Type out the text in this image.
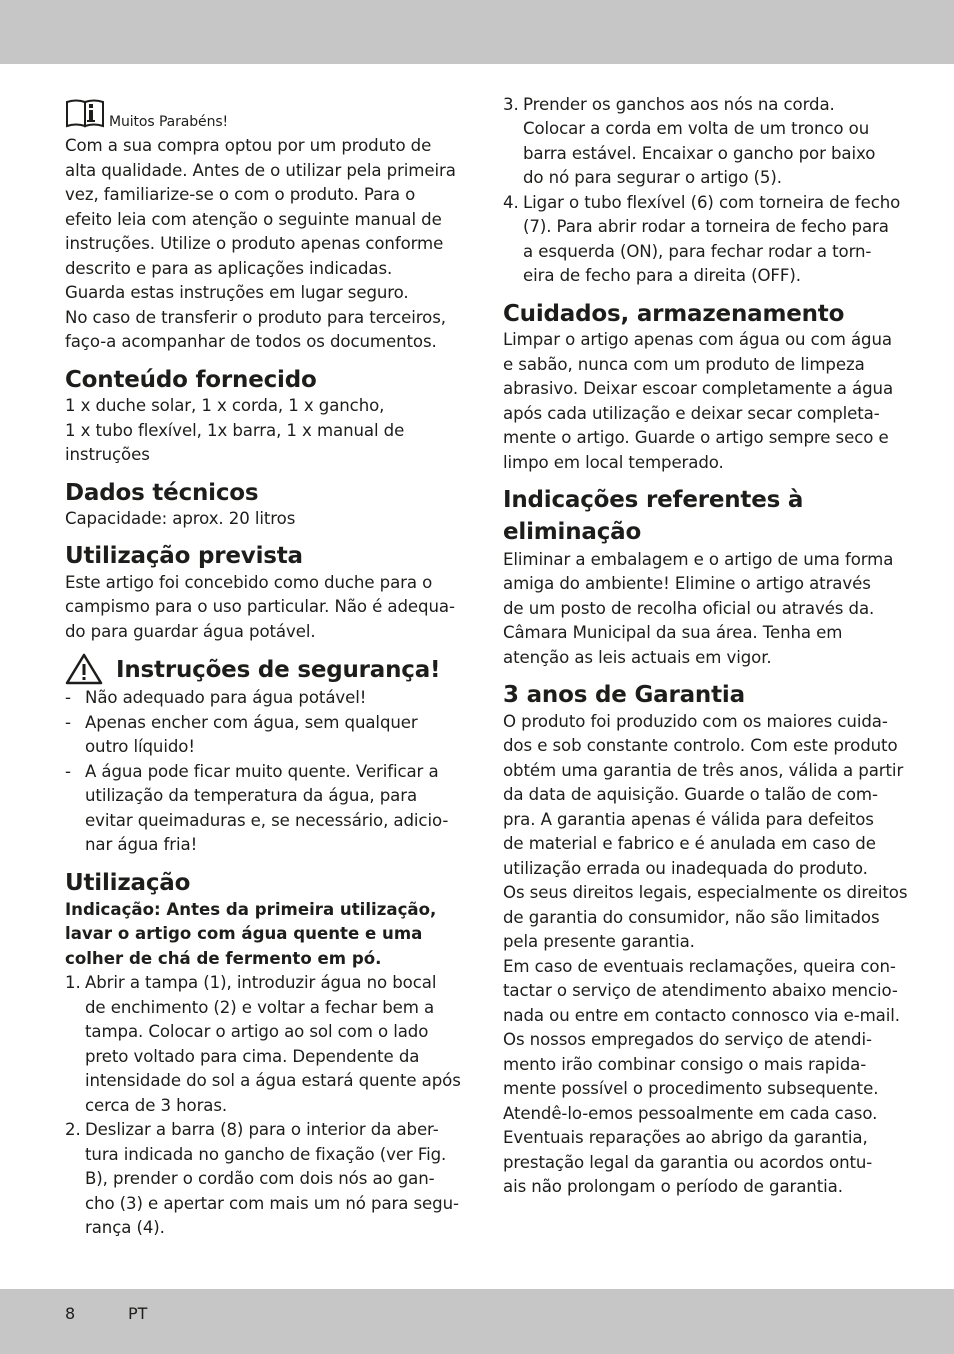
Muitos Parabéns!
Com a sua compra optou por um produto de
alta qualidade. Antes de o utilizar pela primeira
vez, familiarize-se o com o produto. Para o
efeito leia com atenção o seguinte manual de
instruções. Utilize o produto apenas conforme
descrito e para as aplicações indicadas.
Guarda estas instruções em lugar seguro.
No caso de transferir o produto para terceiros,
faço-a acompanhar de todos os documentos.
Conteúdo fornecido
1 x duche solar, 1 x corda, 1 x gancho,
1 x tubo flexível, 1x barra, 1 x manual de
instruções
Dados técnicos
Capacidade: aprox. 20 litros
Utilização prevista
Este artigo foi concebido como duche para o
campismo para o uso particular. Não é adequa-
do para guardar água potável.
Instruções de segurança!
- Não adequado para água potável!
- Apenas encher com água, sem qualquer
outro líquido!
- A água pode ficar muito quente. Verificar a
utilização da temperatura da água, para
evitar queimaduras e, se necessário, adicio-
nar água fria!
Utilização
Indicação: Antes da primeira utilização,
lavar o artigo com água quente e uma
colher de chá de fermento em pó.
1. Abrir a tampa (1), introduzir água no bocal
de enchimento (2) e voltar a fechar bem a
tampa. Colocar o artigo ao sol com o lado
preto voltado para cima. Dependente da
intensidade do sol a água estará quente após
cerca de 3 horas.
2. Deslizar a barra (8) para o interior da aber-
tura indicada no gancho de fixação (ver Fig.
B), prender o cordão com dois nós ao gan-
cho (3) e apertar com mais um nó para segu-
rança (4).
3. Prender os ganchos aos nós na corda.
Colocar a corda em volta de um tronco ou
barra estável. Encaixar o gancho por baixo
do nó para segurar o artigo (5).
4. Ligar o tubo flexível (6) com torneira de fecho
(7). Para abrir rodar a torneira de fecho para
a esquerda (ON), para fechar rodar a torn-
eira de fecho para a direita (OFF).
Cuidados, armazenamento
Limpar o artigo apenas com água ou com água
e sabão, nunca com um produto de limpeza
abrasivo. Deixar escoar completamente a água
após cada utilização e deixar secar completa-
mente o artigo. Guarde o artigo sempre seco e
limpo em local temperado.
Indicações referentes à
eliminação
Eliminar a embalagem e o artigo de uma forma
amiga do ambiente! Elimine o artigo através
de um posto de recolha oficial ou através da.
Câmara Municipal da sua área. Tenha em
atenção as leis actuais em vigor.
3 anos de Garantia
O produto foi produzido com os maiores cuida-
dos e sob constante controlo. Com este produto
obtém uma garantia de três anos, válida a partir
da data de aquisição. Guarde o talão de com-
pra. A garantia apenas é válida para defeitos
de material e fabrico e é anulada em caso de
utilização errada ou inadequada do produto.
Os seus direitos legais, especialmente os direitos
de garantia do consumidor, não são limitados
pela presente garantia.
Em caso de eventuais reclamações, queira con-
tactar o serviço de atendimento abaixo mencio-
nada ou entre em contacto connosco via e-mail.
Os nossos empregados do serviço de atendi-
mento irão combinar consigo o mais rapida-
mente possível o procedimento subsequente.
Atendê-lo-emos pessoalmente em cada caso.
Eventuais reparações ao abrigo da garantia,
prestação legal da garantia ou acordos ontu-
ais não prolongam o período de garantia.
8	PT
